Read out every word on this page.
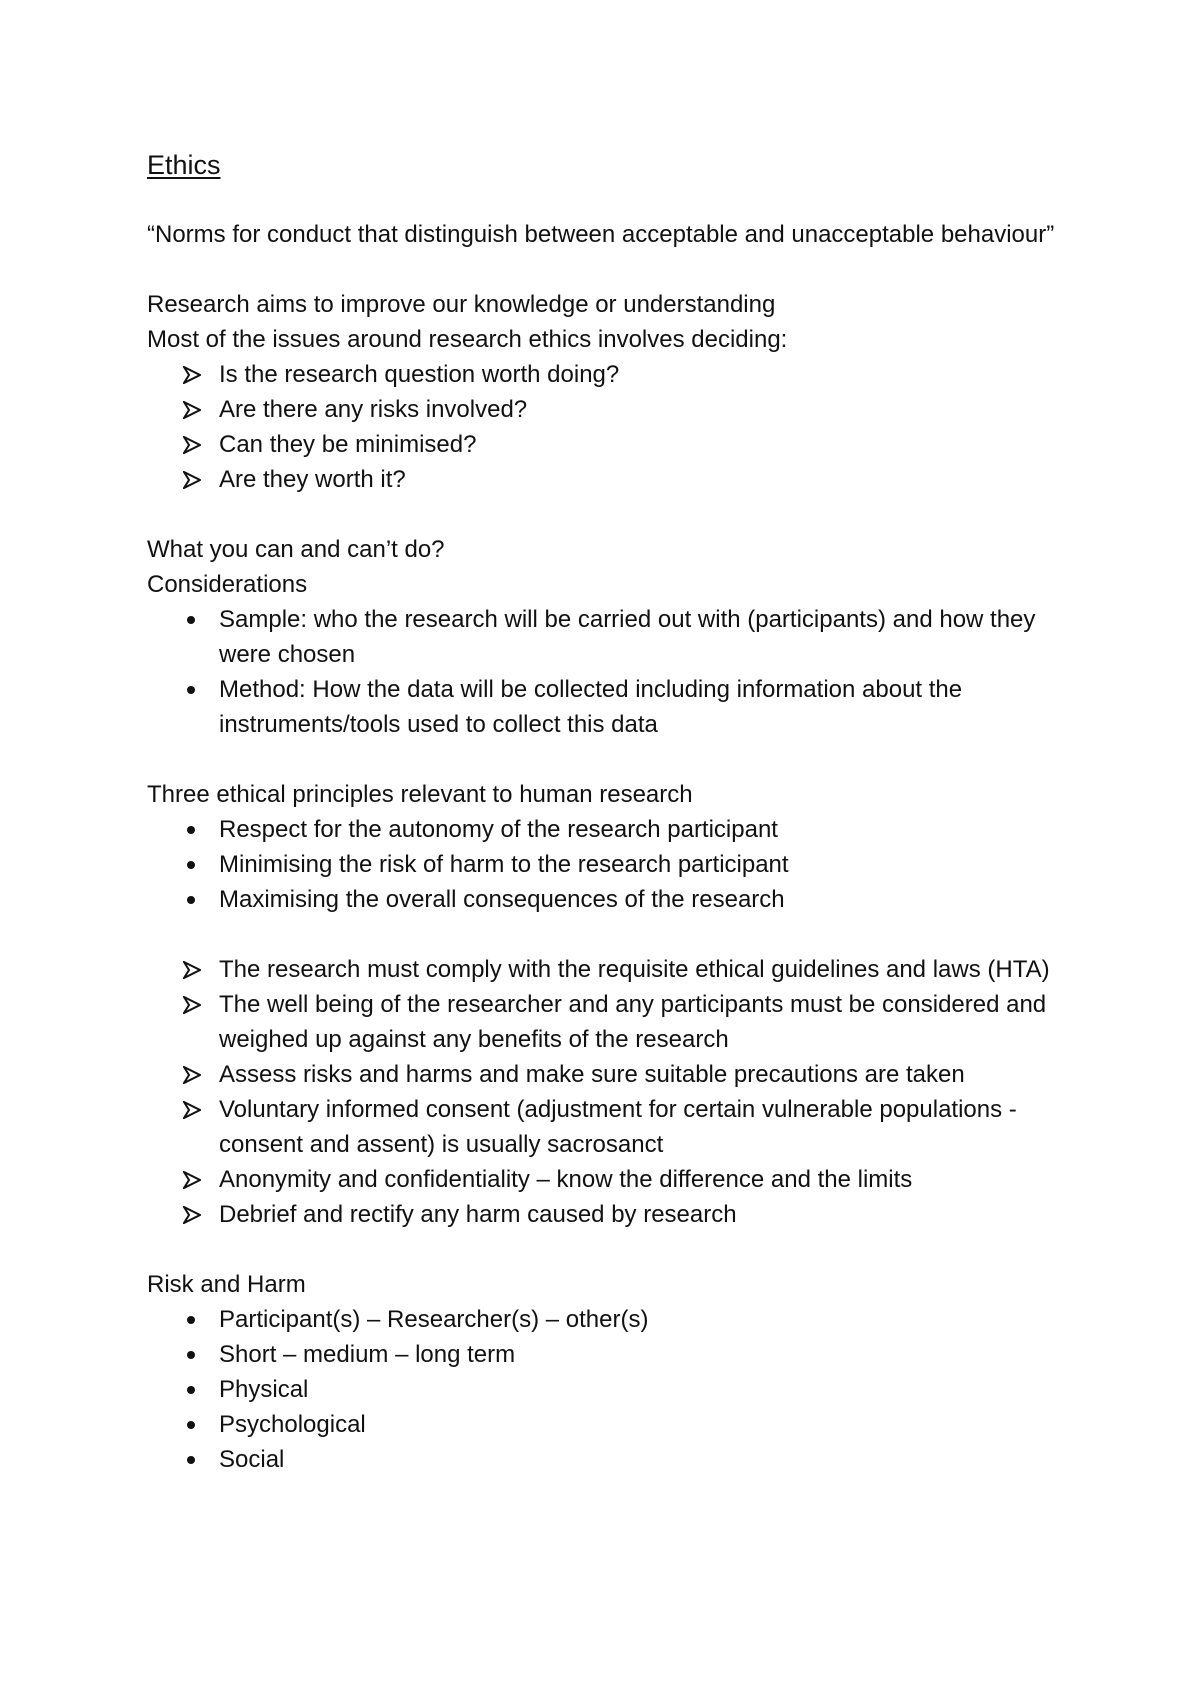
Ethics

“Norms for conduct that distinguish between acceptable and unacceptable behaviour”

Research aims to improve our knowledge or understanding

Most of the issues around research ethics involves deciding:

Is the research question worth doing?
Are there any risks involved?
Can they be minimised?
Are they worth it?

What you can and can’t do?

Considerations

Sample: who the research will be carried out with (participants) and how they were chosen
Method: How the data will be collected including information about the instruments/tools used to collect this data

Three ethical principles relevant to human research

Respect for the autonomy of the research participant
Minimising the risk of harm to the research participant
Maximising the overall consequences of the research
The research must comply with the requisite ethical guidelines and laws (HTA)
The well being of the researcher and any participants must be considered and weighed up against any benefits of the research
Assess risks and harms and make sure suitable precautions are taken
Voluntary informed consent (adjustment for certain vulnerable populations - consent and assent) is usually sacrosanct
Anonymity and confidentiality – know the difference and the limits
Debrief and rectify any harm caused by research

Risk and Harm

Participant(s) – Researcher(s) – other(s)
Short – medium – long term
Physical
Psychological
Social
